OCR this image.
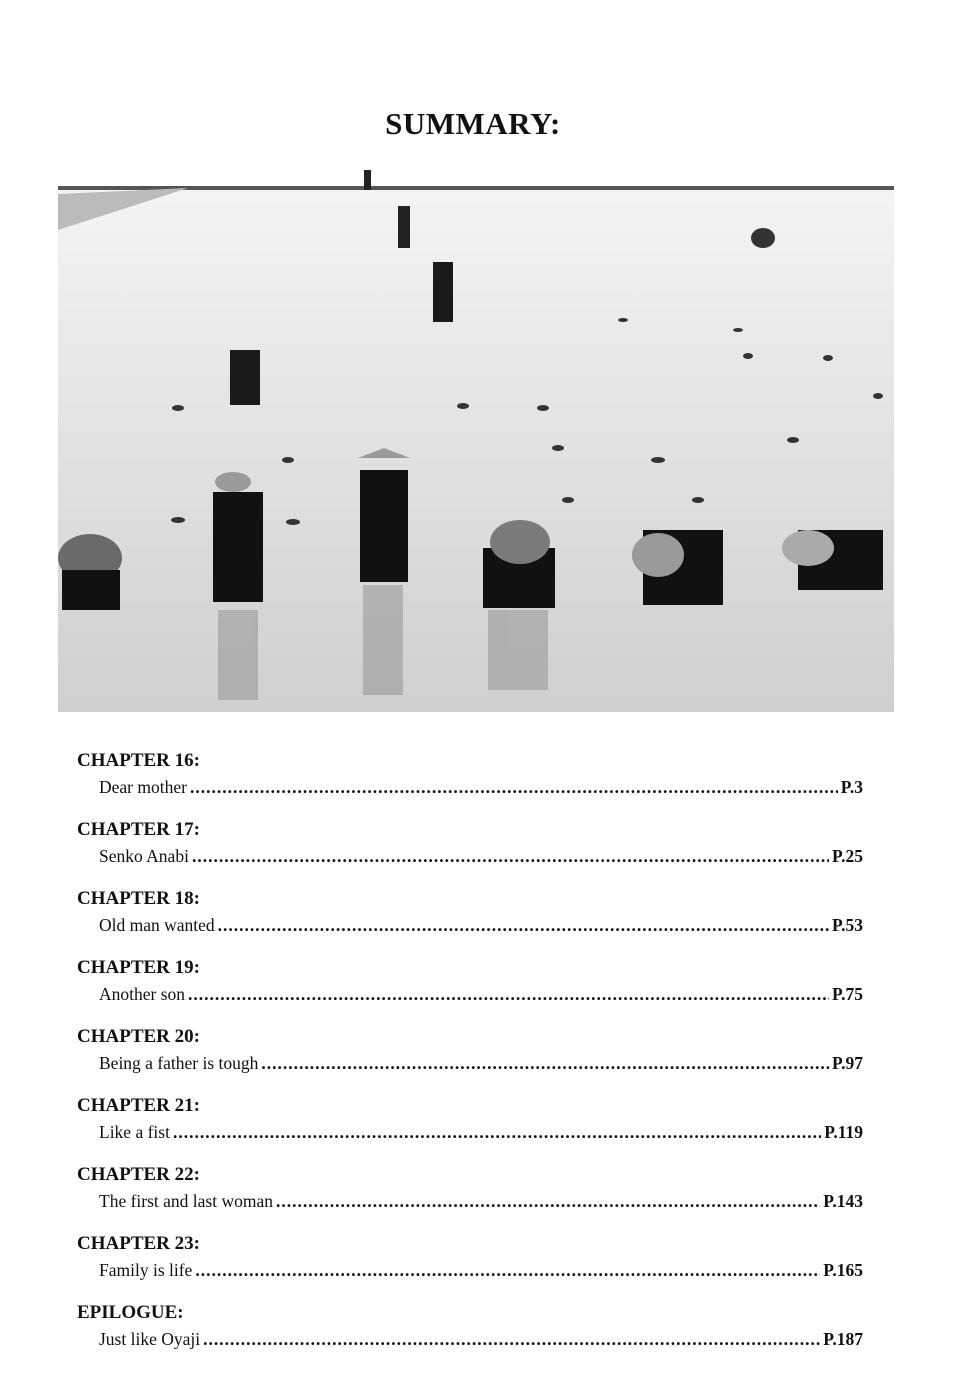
SUMMARY:
CHAPTER 16:
Dear mother .....	P.3
CHAPTER 17:
Senko Anabi .....	P.25
CHAPTER 18:
Old man wanted .....	P.53
CHAPTER 19:
Another son .....	P.75
CHAPTER 20:
Being a father is tough .....	P.97
CHAPTER 21:
Like a fist .....	P.119
CHAPTER 22:
The first and last woman .....	P.143
CHAPTER 23:
Family is life .....	P.165
EPILOGUE:
Just like Oyaji .....	P.187
